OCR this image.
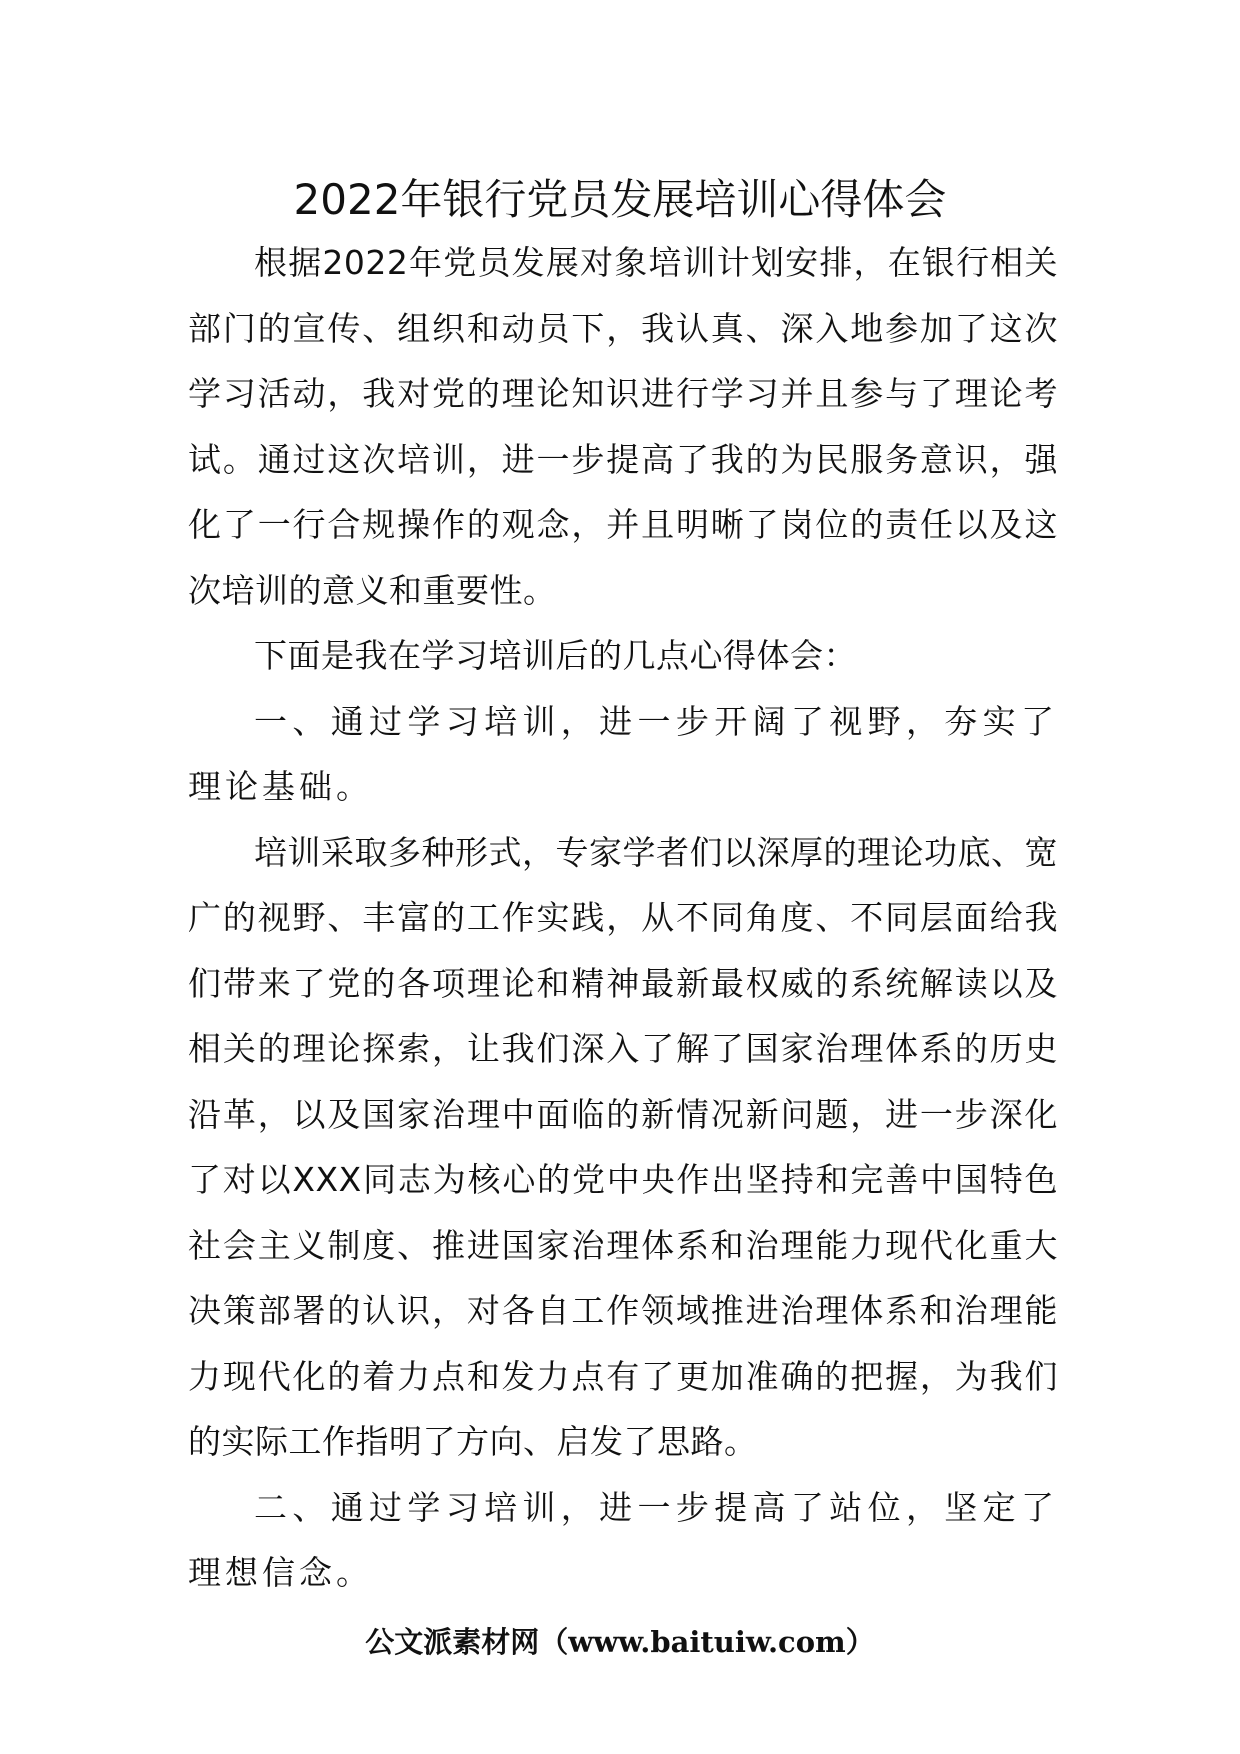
2022年银行党员发展培训心得体会

根据2022年党员发展对象培训计划安排，在银行相关部门的宣传、组织和动员下，我认真、深入地参加了这次学习活动，我对党的理论知识进行学习并且参与了理论考试。通过这次培训，进一步提高了我的为民服务意识，强化了一行合规操作的观念，并且明晰了岗位的责任以及这次培训的意义和重要性。

下面是我在学习培训后的几点心得体会：

一、通过学习培训，进一步开阔了视野，夯实了理论基础。

培训采取多种形式，专家学者们以深厚的理论功底、宽广的视野、丰富的工作实践，从不同角度、不同层面给我们带来了党的各项理论和精神最新最权威的系统解读以及相关的理论探索，让我们深入了解了国家治理体系的历史沿革，以及国家治理中面临的新情况新问题，进一步深化了对以XXX同志为核心的党中央作出坚持和完善中国特色社会主义制度、推进国家治理体系和治理能力现代化重大决策部署的认识，对各自工作领域推进治理体系和治理能力现代化的着力点和发力点有了更加准确的把握，为我们的实际工作指明了方向、启发了思路。

二、通过学习培训，进一步提高了站位，坚定了理想信念。

公文派素材网（www.baituiw.com）
